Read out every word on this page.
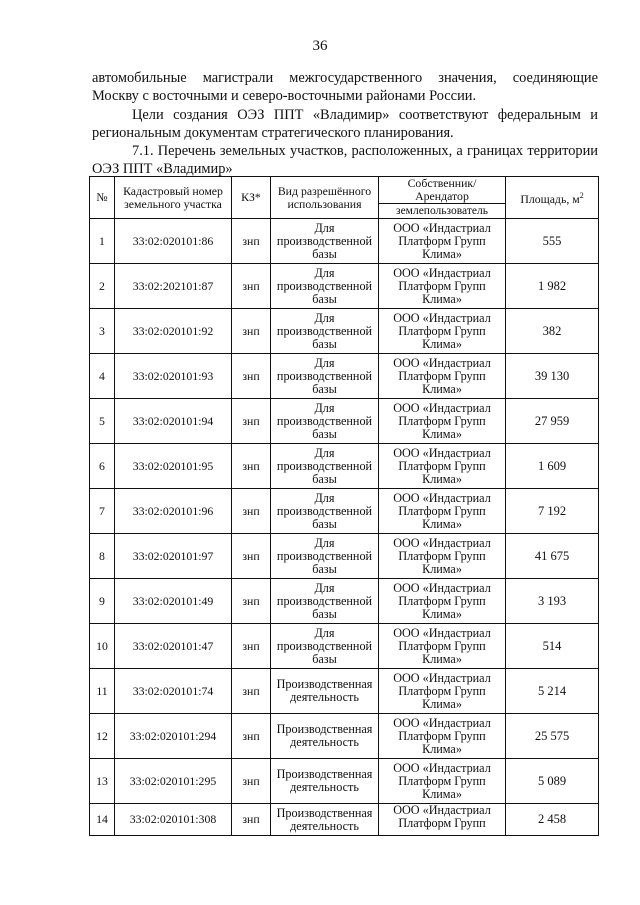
36

автомобильные магистрали межгосударственного значения, соединяющие Москву с восточными и северо-восточными районами России.

Цели создания ОЭЗ ППТ «Владимир» соответствуют федеральным и региональным документам стратегического планирования.

7.1. Перечень земельных участков, расположенных, а границах территории ОЭЗ ППТ «Владимир»

№	Кадастровый номер земельного участка	КЗ*	Вид разрешённого использования	Собственник/ Арендатор	Площадь, $м^2$
				землепользователь	
1	33:02:020101:86	знп	Для производственной базы	ООО «Индастриал Платформ Групп Клима»	555
2	33:02:202101:87	знп	Для производственной базы	ООО «Индастриал Платформ Групп Клима»	1 982
3	33:02:020101:92	знп	Для производственной базы	ООО «Индастриал Платформ Групп Клима»	382
4	33:02:020101:93	знп	Для производственной базы	ООО «Индастриал Платформ Групп Клима»	39 130
5	33:02:020101:94	знп	Для производственной базы	ООО «Индастриал Платформ Групп Клима»	27 959
6	33:02:020101:95	знп	Для производственной базы	ООО «Индастриал Платформ Групп Клима»	1 609
7	33:02:020101:96	знп	Для производственной базы	ООО «Индастриал Платформ Групп Клима»	7 192
8	33:02:020101:97	знп	Для производственной базы	ООО «Индастриал Платформ Групп Клима»	41 675
9	33:02:020101:49	знп	Для производственной базы	ООО «Индастриал Платформ Групп Клима»	3 193
10	33:02:020101:47	знп	Для производственной базы	ООО «Индастриал Платформ Групп Клима»	514
11	33:02:020101:74	знп	Производственная деятельность	ООО «Индастриал Платформ Групп Клима»	5 214
12	33:02:020101:294	знп	Производственная деятельность	ООО «Индастриал Платформ Групп Клима»	25 575
13	33:02:020101:295	знп	Производственная деятельность	ООО «Индастриал Платформ Групп Клима»	5 089
14	33:02:020101:308	знп	Производственная деятельность	ООО «Индастриал Платформ Групп	2 458
